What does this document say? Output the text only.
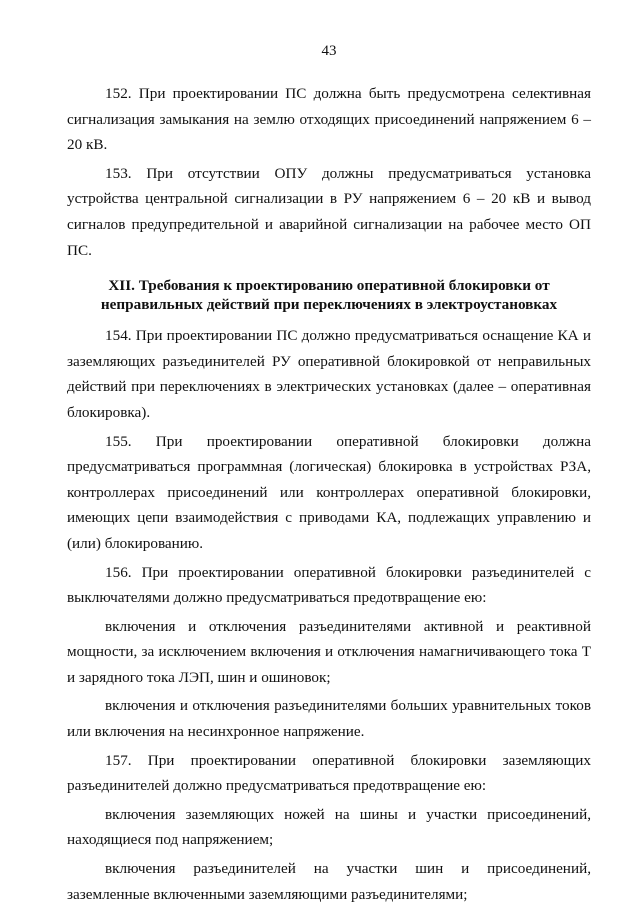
43

152. При проектировании ПС должна быть предусмотрена селективная сигнализация замыкания на землю отходящих присоединений напряжением 6 – 20 кВ.

153. При отсутствии ОПУ должны предусматриваться установка устройства центральной сигнализации в РУ напряжением 6 – 20 кВ и вывод сигналов предупредительной и аварийной сигнализации на рабочее место ОП ПС.

XII. Требования к проектированию оперативной блокировки от
неправильных действий при переключениях в электроустановках

154. При проектировании ПС должно предусматриваться оснащение КА и заземляющих разъединителей РУ оперативной блокировкой от неправильных действий при переключениях в электрических установках (далее – оперативная блокировка).

155. При проектировании оперативной блокировки должна предусматриваться программная (логическая) блокировка в устройствах РЗА, контроллерах присоединений или контроллерах оперативной блокировки, имеющих цепи взаимодействия с приводами КА, подлежащих управлению и (или) блокированию.

156. При проектировании оперативной блокировки разъединителей с выключателями должно предусматриваться предотвращение ею:

включения и отключения разъединителями активной и реактивной мощности, за исключением включения и отключения намагничивающего тока Т и зарядного тока ЛЭП, шин и ошиновок;

включения и отключения разъединителями больших уравнительных токов или включения на несинхронное напряжение.

157. При проектировании оперативной блокировки заземляющих разъединителей должно предусматриваться предотвращение ею:

включения заземляющих ножей на шины и участки присоединений, находящиеся под напряжением;

включения разъединителей на участки шин и присоединений, заземленные включенными заземляющими разъединителями;
